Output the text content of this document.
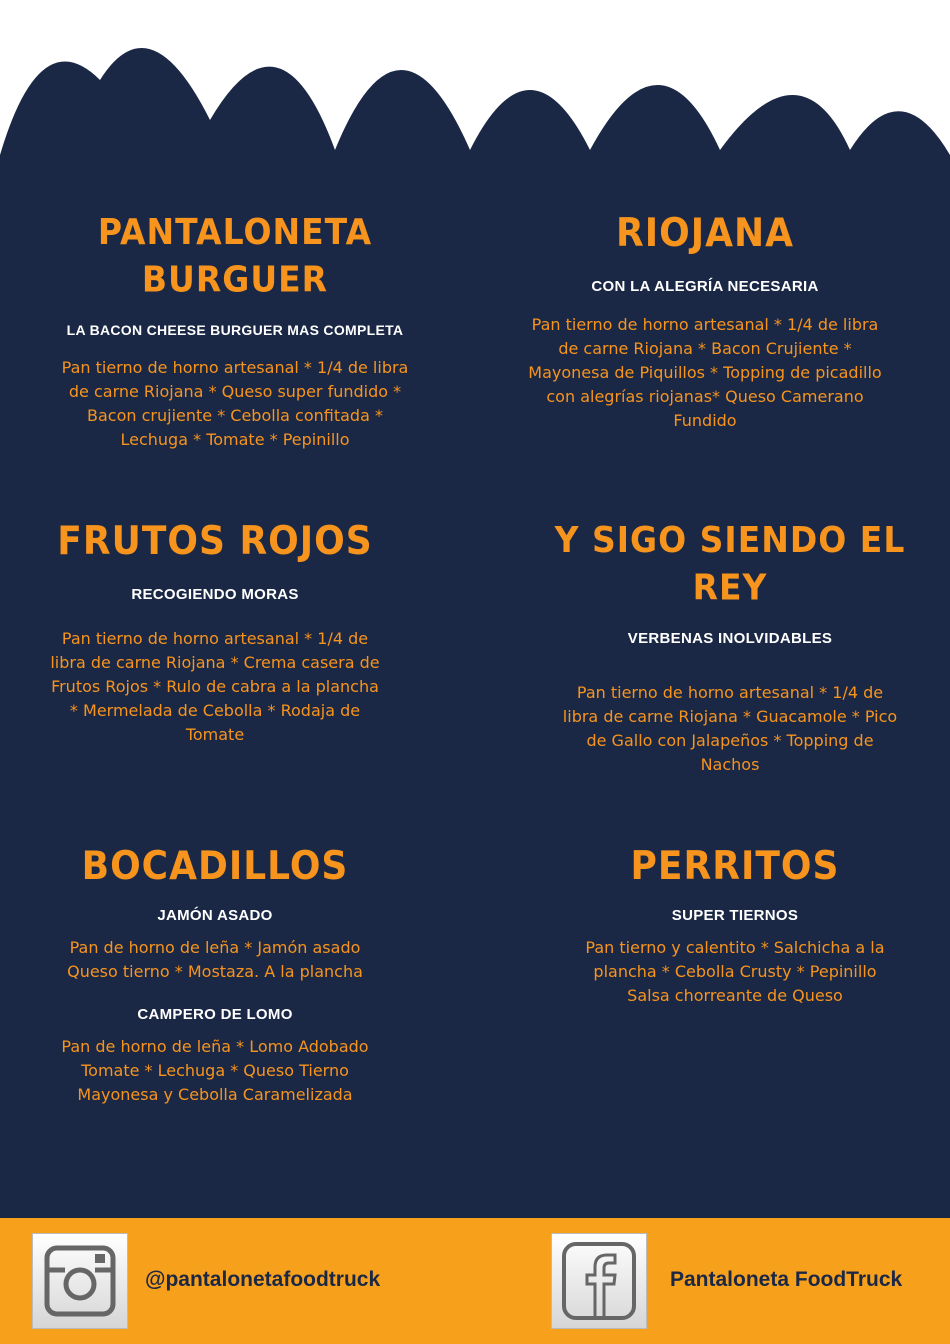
PANTALONETA BURGUER
LA BACON CHEESE BURGUER MAS COMPLETA
Pan tierno de horno artesanal * 1/4 de libra de carne Riojana * Queso super fundido * Bacon crujiente * Cebolla confitada * Lechuga * Tomate * Pepinillo
RIOJANA
CON LA ALEGRÍA NECESARIA
Pan tierno de horno artesanal * 1/4 de libra de carne Riojana * Bacon Crujiente * Mayonesa de Piquillos * Topping de picadillo con alegrías riojanas* Queso Camerano Fundido
FRUTOS ROJOS
RECOGIENDO MORAS
Pan tierno de horno artesanal * 1/4 de libra de carne Riojana * Crema casera de Frutos Rojos * Rulo de cabra a la plancha * Mermelada de Cebolla * Rodaja de Tomate
Y SIGO SIENDO EL REY
VERBENAS INOLVIDABLES
Pan tierno de horno artesanal * 1/4 de libra de carne Riojana * Guacamole * Pico de Gallo con Jalapeños * Topping de Nachos
BOCADILLOS
JAMÓN ASADO
Pan de horno de leña * Jamón asado Queso tierno * Mostaza. A la plancha
CAMPERO DE LOMO
Pan de horno de leña * Lomo Adobado Tomate * Lechuga * Queso Tierno Mayonesa y Cebolla Caramelizada
PERRITOS
SUPER TIERNOS
Pan tierno y calentito * Salchicha a la plancha * Cebolla Crusty * Pepinillo Salsa chorreante de Queso
@pantalonetafoodtruck	Pantaloneta FoodTruck
